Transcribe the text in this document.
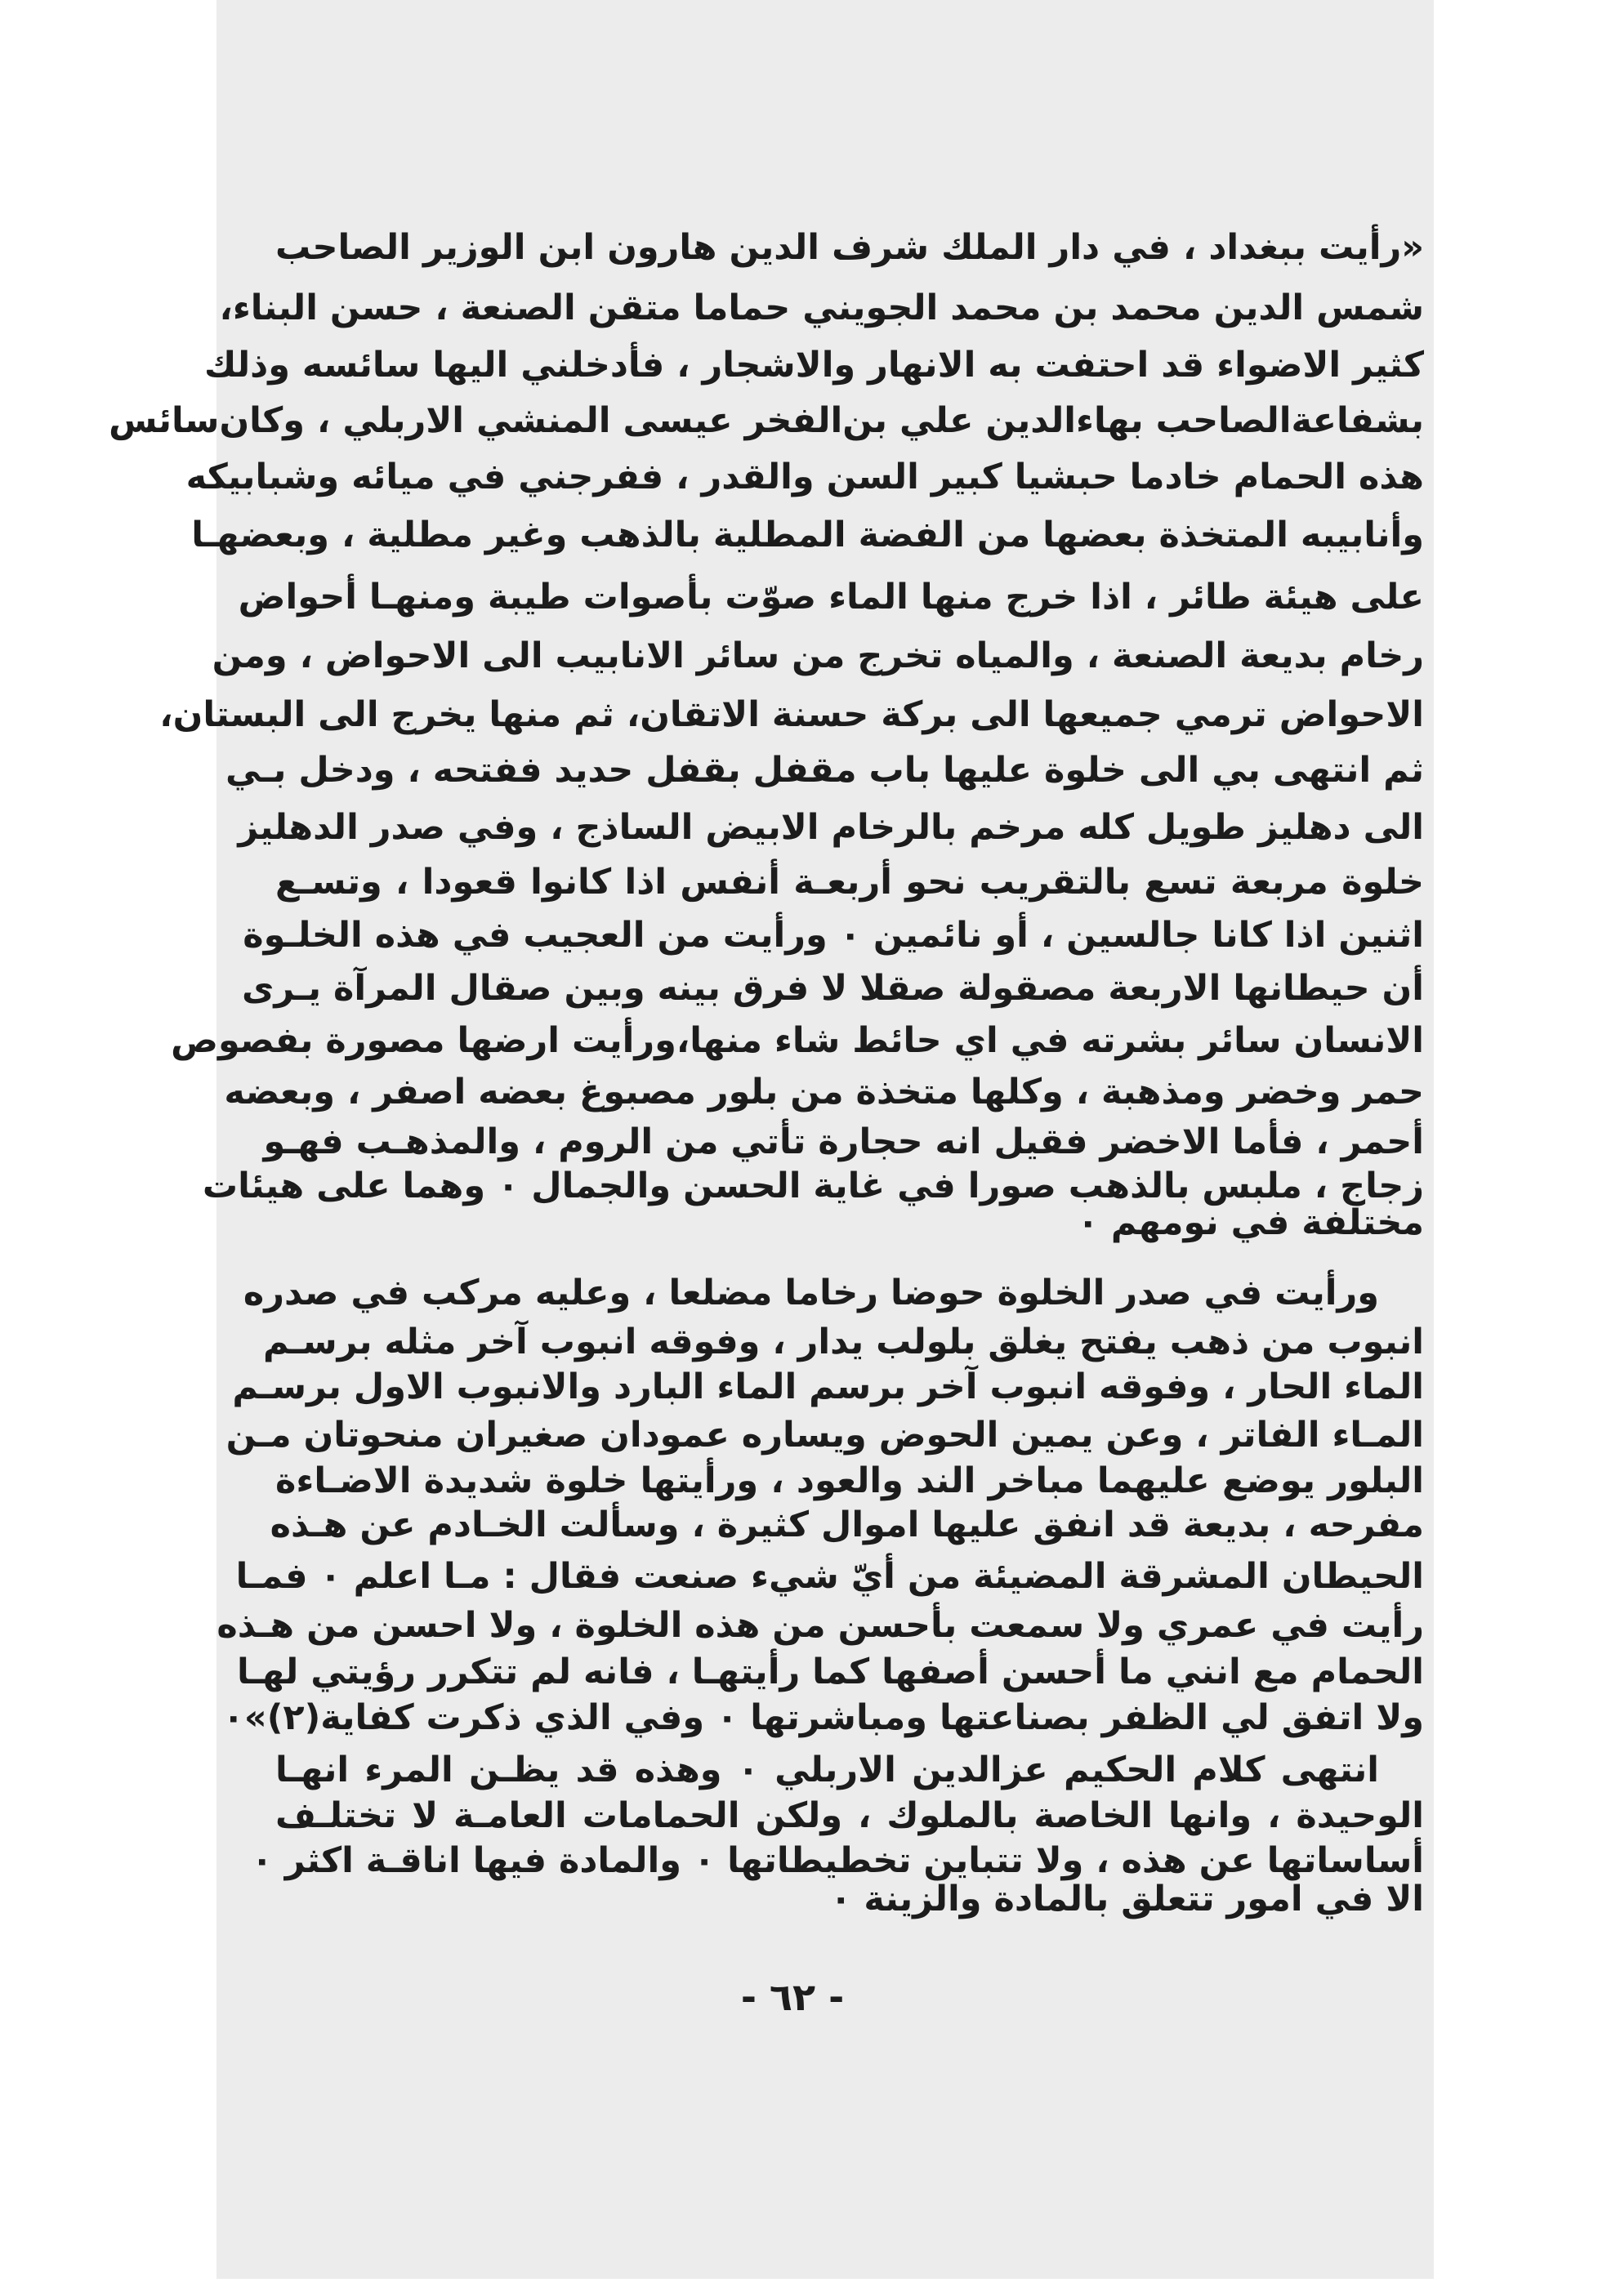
«رأيت ببغداد ، في دار الملك شرف الدين هارون ابن الوزير الصاحب
شمس الدين محمد بن محمد الجويني حماما متقن الصنعة ، حسن البناء،
كثير الاضواء قد احتفت به الانهار والاشجار ، فأدخلني اليها سائسه وذلك
بشفاعةالصاحب بهاءالدين علي بن‌الفخر عيسى المنشي الاربلي ، وكان‌سائس
هذه الحمام خادما حبشيا كبير السن والقدر ، ففرجني في ميائه وشبابيكه
وأنابيبه المتخذة بعضها من الفضة المطلية بالذهب وغير مطلية ، وبعضهـا
على هيئة طائر ، اذا خرج منها الماء صوّت بأصوات طيبة ومنهـا أحواض
رخام بديعة الصنعة ، والمياه تخرج من سائر الانابيب الى الاحواض ، ومن
الاحواض ترمي جميعها الى بركة حسنة الاتقان، ثم منها يخرج الى البستان،
ثم انتهى بي الى خلوة عليها باب مقفل بقفل حديد ففتحه ، ودخل بـي
الى دهليز طويل كله مرخم بالرخام الابيض الساذج ، وفي صدر الدهليز
خلوة مربعة تسع بالتقريب نحو أربعـة أنفس اذا كانوا قعودا ، وتسـع
اثنين اذا كانا جالسين ، أو نائمين ٠ ورأيت من العجيب في هذه الخلـوة
أن حيطانها الاربعة مصقولة صقلا لا فرق بينه وبين صقال المرآة يـرى
الانسان سائر بشرته في اي حائط شاء منها،ورأيت ارضها مصورة بفصوص
حمر وخضر ومذهبة ، وكلها متخذة من بلور مصبوغ بعضه اصفر ، وبعضه
أحمر ، فأما الاخضر فقيل انه حجارة تأتي من الروم ، والمذهـب فهـو
زجاج ، ملبس بالذهب صورا في غاية الحسن والجمال ٠ وهما على هيئات
مختلفة في نومهم ٠
ورأيت في صدر الخلوة حوضا رخاما مضلعا ، وعليه مركب في صدره
انبوب من ذهب يفتح يغلق بلولب يدار ، وفوقه انبوب آخر مثله برسـم
الماء الحار ، وفوقه انبوب آخر برسم الماء البارد والانبوب الاول برسـم
المـاء الفاتر ، وعن يمين الحوض ويساره عمودان صغيران منحوتان مـن
البلور يوضع عليهما مباخر الند والعود ، ورأيتها خلوة شديدة الاضـاءة
مفرحه ، بديعة قد انفق عليها اموال كثيرة ، وسألت الخـادم عن هـذه
الحيطان المشرقة المضيئة من أيّ شيء صنعت فقال : مـا اعلم ٠ فمـا
رأيت في عمري ولا سمعت بأحسن من هذه الخلوة ، ولا احسن من هـذه
الحمام مع انني ما أحسن أصفها كما رأيتهـا ، فانه لم تتكرر رؤيتي لهـا
ولا اتفق لي الظفر بصناعتها ومباشرتها ٠ وفي الذي ذكرت كفاية(٢)»٠
انتهى كلام الحكيم عزالدين الاربلي ٠ وهذه قد يظـن المرء انهـا
الوحيدة ، وانها الخاصة بالملوك ، ولكن الحمامات العامـة لا تختلـف
أساساتها عن هذه ، ولا تتباين تخطيطاتها ٠ والمادة فيها اناقـة اكثر ٠
الا في امور تتعلق بالمادة والزينة ٠
- ٦٢ -
